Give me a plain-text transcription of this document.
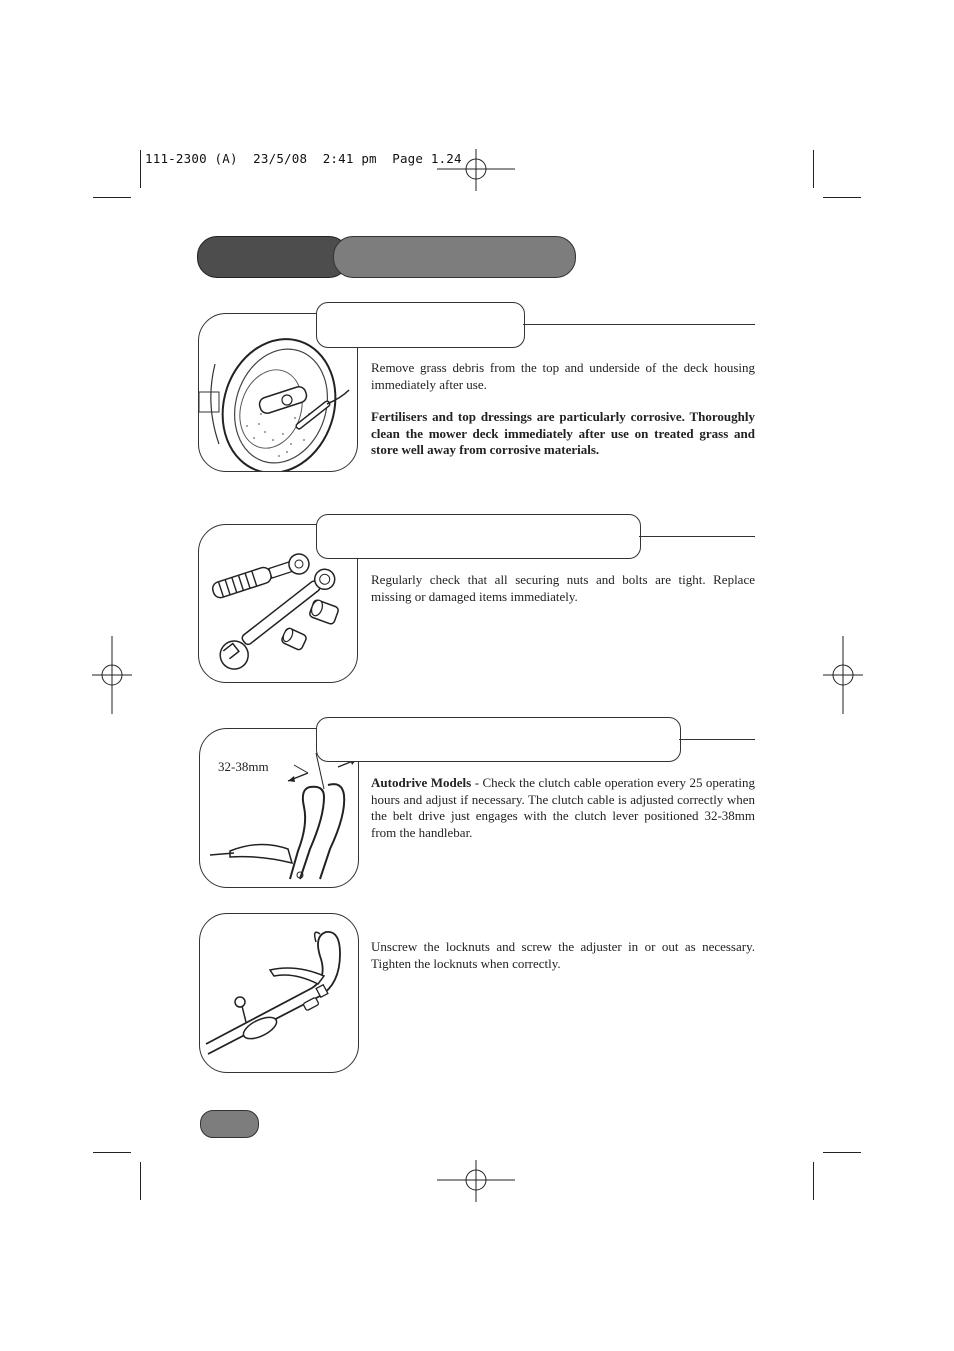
111-2300 (A)  23/5/08  2:41 pm  Page 1.24
Remove grass debris from the top and underside of the deck housing immediately after use.
Fertilisers and top dressings are particularly corrosive. Thoroughly clean the mower deck immediately after use on treated grass and store well away from corrosive materials.
Regularly check that all securing nuts and bolts are tight. Replace missing or damaged items immediately.
32-38mm
Autodrive Models - Check the clutch cable operation every 25 operating hours and adjust if necessary. The clutch cable is adjusted correctly when the belt drive just engages with the clutch lever positioned 32-38mm from the handlebar.
Unscrew the locknuts and screw the adjuster in or out as necessary. Tighten the locknuts when correctly.
